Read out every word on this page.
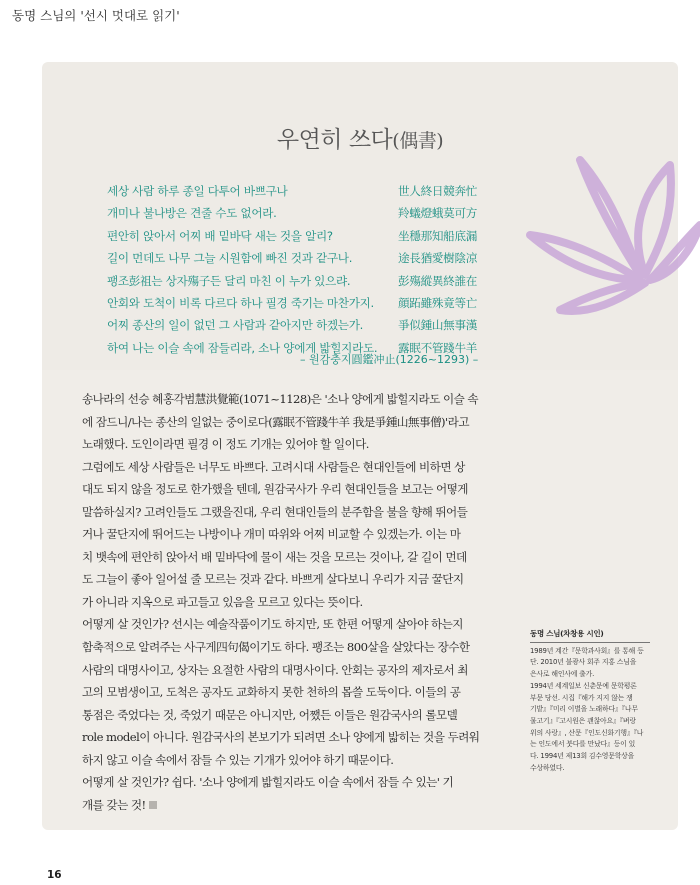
동명 스님의 '선시 멋대로 읽기'
우연히 쓰다(偶書)
세상 사람 하루 종일 다투어 바쁘구나
개미나 불나방은 견줄 수도 없어라.
편안히 앉아서 어찌 배 밑바닥 새는 것을 알리?
길이 먼데도 나무 그늘 시원함에 빠진 것과 같구나.
팽조彭祖는 상자殤子든 달리 마친 이 누가 있으랴.
안회와 도척이 비록 다르다 하나 필경 죽기는 마찬가지.
어찌 종산의 일이 없던 그 사람과 같아지만 하겠는가.
하여 나는 이슬 속에 잠들리라, 소나 양에게 밟힐지라도.
世人終日競奔忙
羚蟻燈蛾莫可方
坐穩那知船底漏
途長猶愛樹陰凉
彭殤縱異終誰在
顔跖雖殊竟等亡
爭似鍾山無事漢
露眠不管踐牛羊
– 원감충지圓鑑冲止(1226~1293) –
송나라의 선승 혜홍각범慧洪覺範(1071~1128)은 '소나 양에게 밟힐지라도 이슬 속
에 잠드니/나는 종산의 일없는 중이로다(露眠不管踐牛羊 我是爭鍾山無事僧)'라고
노래했다. 도인이라면 필경 이 정도 기개는 있어야 할 일이다.
그럼에도 세상 사람들은 너무도 바쁘다. 고려시대 사람들은 현대인들에 비하면 상
대도 되지 않을 정도로 한가했을 텐데, 원감국사가 우리 현대인들을 보고는 어떻게
말씀하실지? 고려인들도 그랬을진대, 우리 현대인들의 분주함을 불을 향해 뛰어들
거나 꿀단지에 뛰어드는 나방이나 개미 따위와 어찌 비교할 수 있겠는가. 이는 마
치 뱃속에 편안히 앉아서 배 밑바닥에 물이 새는 것을 모르는 것이나, 갈 길이 먼데
도 그늘이 좋아 일어설 줄 모르는 것과 같다. 바쁘게 살다보니 우리가 지금 꿀단지
가 아니라 지옥으로 파고들고 있음을 모르고 있다는 뜻이다.
어떻게 살 것인가? 선시는 예술작품이기도 하지만, 또 한편 어떻게 살아야 하는지
함축적으로 알려주는 사구게四句偈이기도 하다. 팽조는 800살을 살았다는 장수한
사람의 대명사이고, 상자는 요절한 사람의 대명사이다. 안회는 공자의 제자로서 최
고의 모범생이고, 도척은 공자도 교화하지 못한 천하의 몹쓸 도둑이다. 이들의 공
통점은 죽었다는 것, 죽었기 때문은 아니지만, 어쨌든 이들은 원감국사의 롤모델
role model이 아니다. 원감국사의 본보기가 되려면 소나 양에게 밟히는 것을 두려워
하지 않고 이슬 속에서 잠들 수 있는 기개가 있어야 하기 때문이다.
어떻게 살 것인가? 쉽다. '소나 양에게 밟힐지라도 이슬 속에서 잠들 수 있는' 기
개를 갖는 것!
동명 스님(차창용 시인)
1989년 계간『문학과사회』를 통해 등
단. 2010년 불광사 회주 지홍 스님을
은사로 해인사에 출가.
1994년 세계일보 신춘문예 문학평론
부문 당선. 시집『해가 지지 않는 쟁
기밭』『미리 이별을 노래하다』『나무
물고기』『고시원은 괜찮아요』『벼랑
위의 사랑』, 산문『인도신화기행』『나
는 인도에서 붓다를 만났다』등이 있
다. 1994년 제13회 김수영문학상을
수상하였다.
16
